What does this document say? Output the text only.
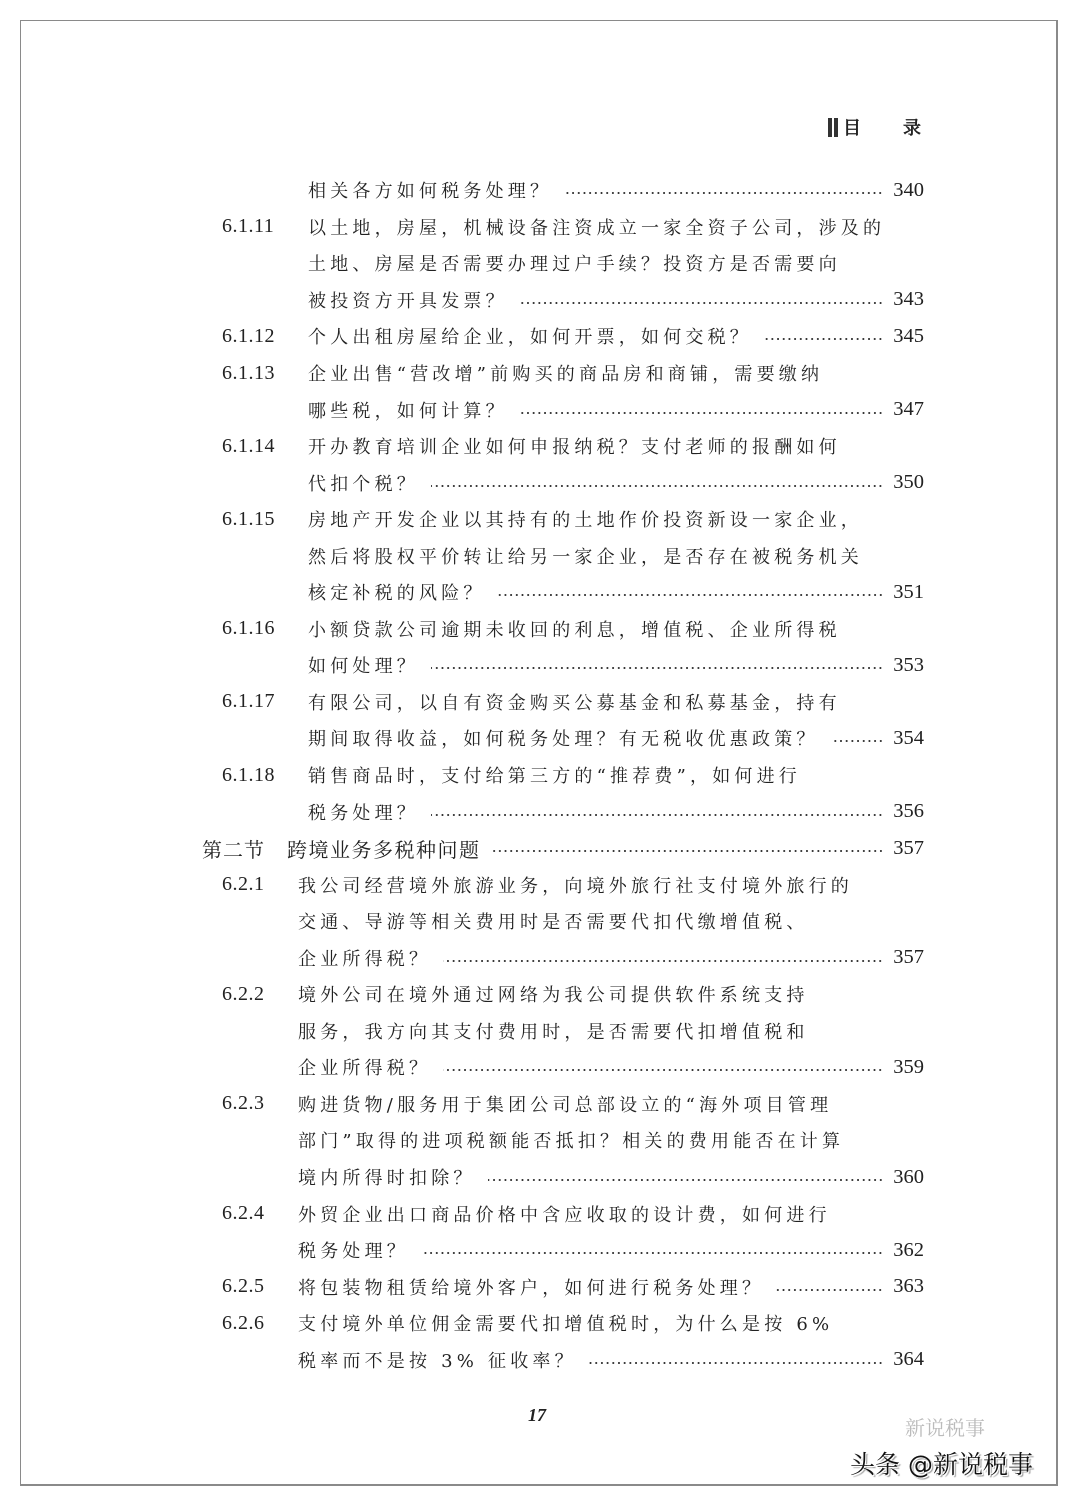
目 录
相关各方如何税务处理？	340
6.1.11 以土地，房屋，机械设备注资成立一家全资子公司，涉及的
土地、房屋是否需要办理过户手续？投资方是否需要向
被投资方开具发票？	343
6.1.12 个人出租房屋给企业，如何开票，如何交税？	345
6.1.13 企业出售“营改增”前购买的商品房和商铺，需要缴纳
哪些税，如何计算？	347
6.1.14 开办教育培训企业如何申报纳税？支付老师的报酬如何
代扣个税？	350
6.1.15 房地产开发企业以其持有的土地作价投资新设一家企业，
然后将股权平价转让给另一家企业，是否存在被税务机关
核定补税的风险？	351
6.1.16 小额贷款公司逾期未收回的利息，增值税、企业所得税
如何处理？	353
6.1.17 有限公司，以自有资金购买公募基金和私募基金，持有
期间取得收益，如何税务处理？有无税收优惠政策？	354
6.1.18 销售商品时，支付给第三方的“推荐费”，如何进行
税务处理？	356
第二节 跨境业务多税种问题	357
6.2.1 我公司经营境外旅游业务，向境外旅行社支付境外旅行的
交通、导游等相关费用时是否需要代扣代缴增值税、
企业所得税？	357
6.2.2 境外公司在境外通过网络为我公司提供软件系统支持
服务，我方向其支付费用时，是否需要代扣增值税和
企业所得税？	359
6.2.3 购进货物/服务用于集团公司总部设立的“海外项目管理
部门”取得的进项税额能否抵扣？相关的费用能否在计算
境内所得时扣除？	360
6.2.4 外贸企业出口商品价格中含应收取的设计费，如何进行
税务处理？	362
6.2.5 将包装物租赁给境外客户，如何进行税务处理？	363
6.2.6 支付境外单位佣金需要代扣增值税时，为什么是按 6%
税率而不是按 3% 征收率？	364
17
新说税事
头条 @新说税事
